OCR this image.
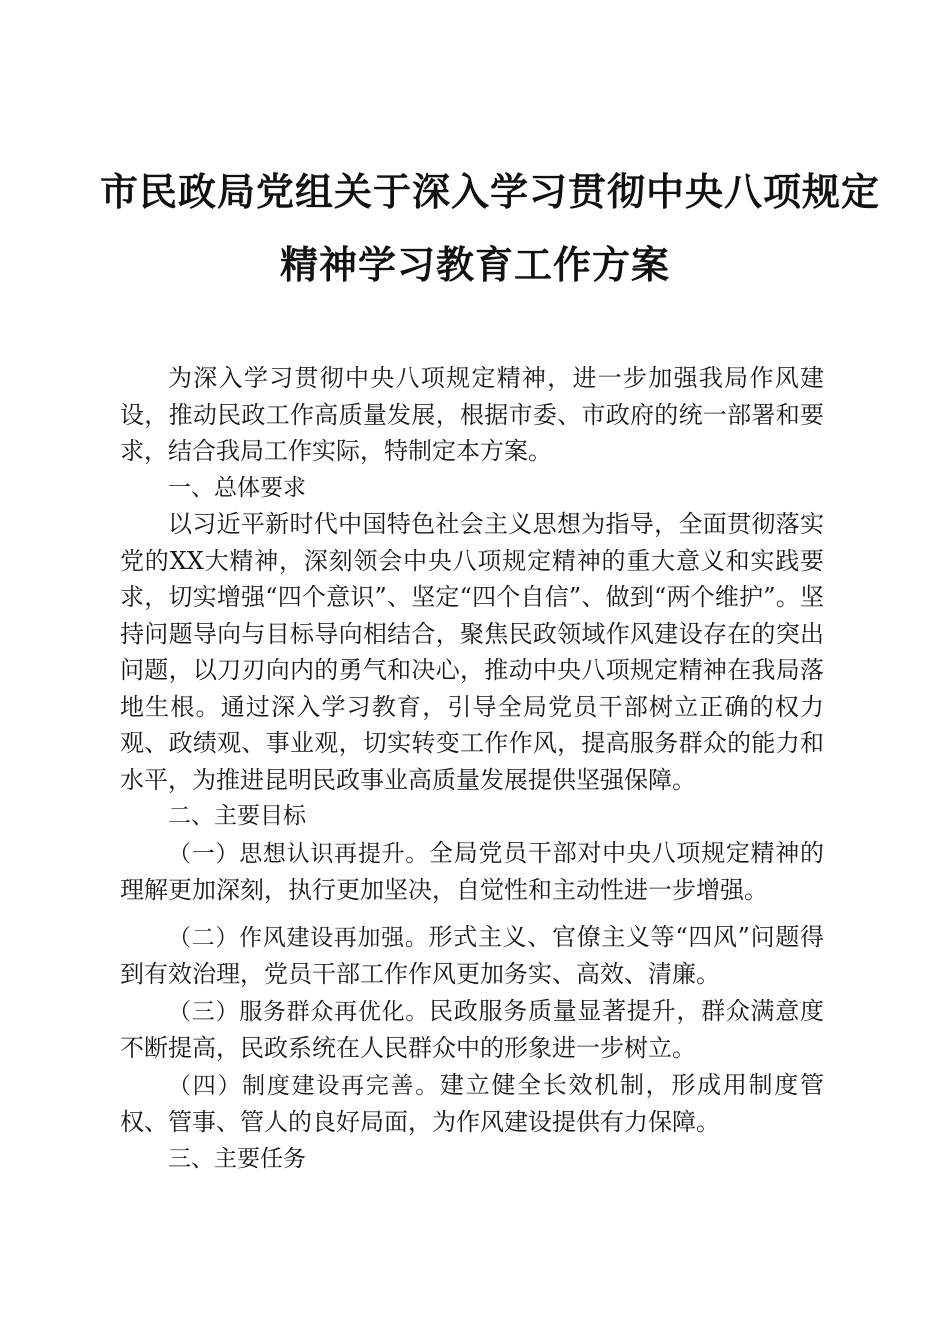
市民政局党组关于深入学习贯彻中央八项规定
精神学习教育工作方案

为深入学习贯彻中央八项规定精神，进一步加强我局作风建设，推动民政工作高质量发展，根据市委、市政府的统一部署和要求，结合我局工作实际，特制定本方案。

一、总体要求

以习近平新时代中国特色社会主义思想为指导，全面贯彻落实党的XX大精神，深刻领会中央八项规定精神的重大意义和实践要求，切实增强“四个意识”、坚定“四个自信”、做到“两个维护”。坚持问题导向与目标导向相结合，聚焦民政领域作风建设存在的突出问题，以刀刃向内的勇气和决心，推动中央八项规定精神在我局落地生根。通过深入学习教育，引导全局党员干部树立正确的权力观、政绩观、事业观，切实转变工作作风，提高服务群众的能力和水平，为推进昆明民政事业高质量发展提供坚强保障。

二、主要目标

（一）思想认识再提升。全局党员干部对中央八项规定精神的理解更加深刻，执行更加坚决，自觉性和主动性进一步增强。

（二）作风建设再加强。形式主义、官僚主义等“四风”问题得到有效治理，党员干部工作作风更加务实、高效、清廉。

（三）服务群众再优化。民政服务质量显著提升，群众满意度不断提高，民政系统在人民群众中的形象进一步树立。

（四）制度建设再完善。建立健全长效机制，形成用制度管权、管事、管人的良好局面，为作风建设提供有力保障。

三、主要任务
